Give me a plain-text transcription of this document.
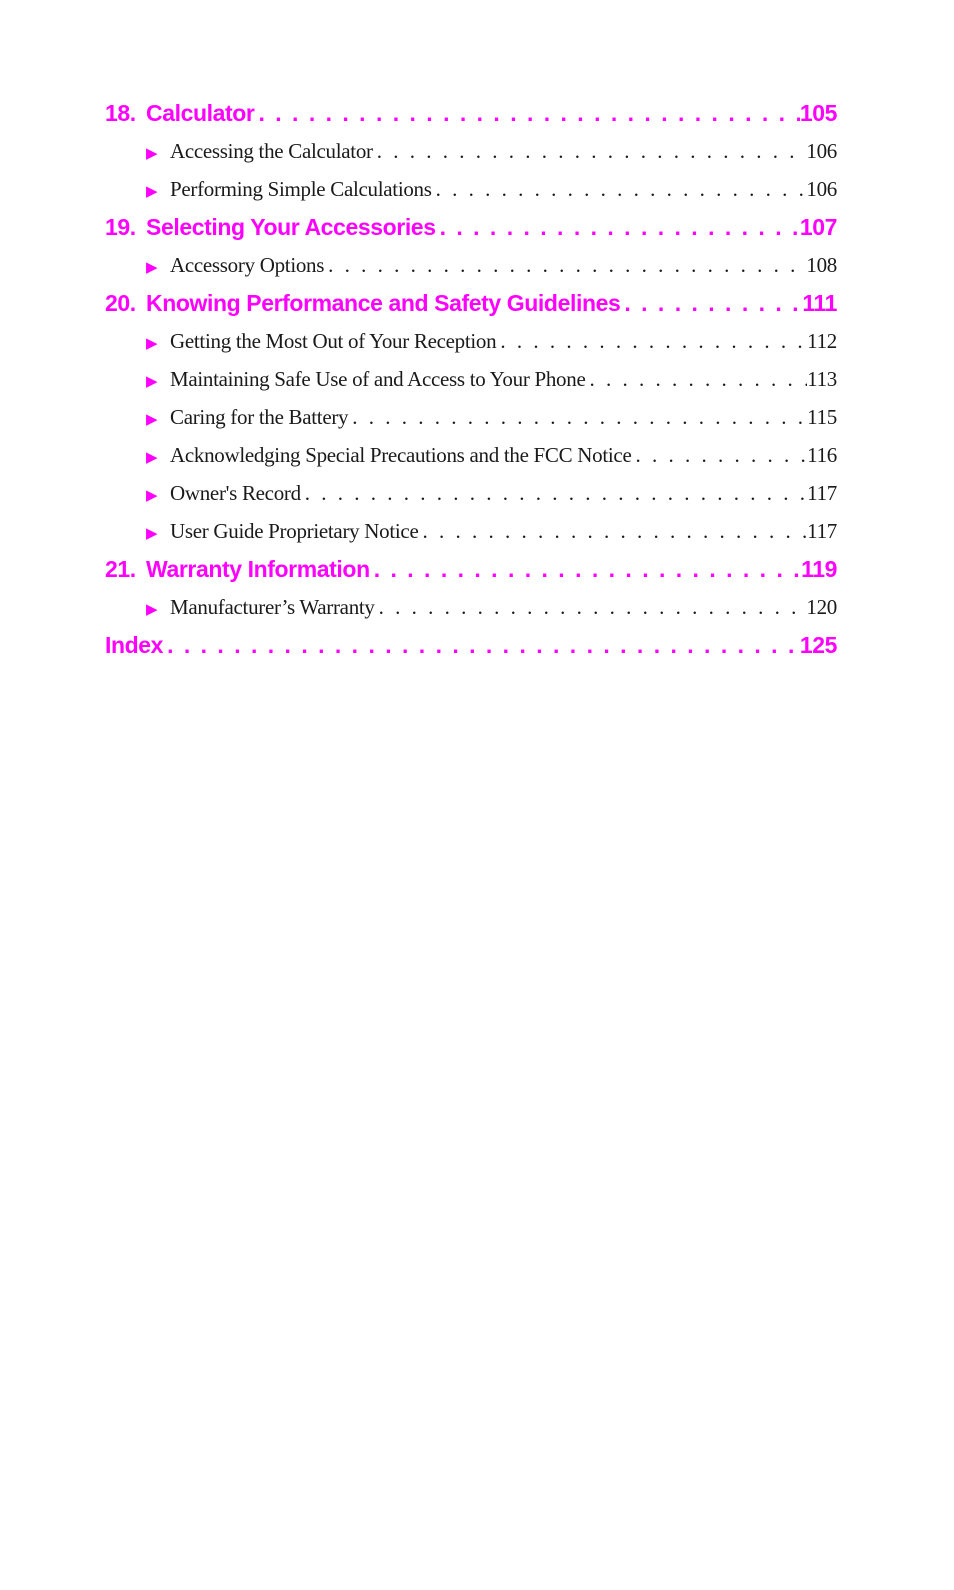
18. Calculator . . .	105
▶ Accessing the Calculator . . .	106
▶ Performing Simple Calculations . . .	106
19. Selecting Your Accessories . . .	107
▶ Accessory Options . . .	108
20. Knowing Performance and Safety Guidelines . . .	111
▶ Getting the Most Out of Your Reception . . .	112
▶ Maintaining Safe Use of and Access to Your Phone . . .	113
▶ Caring for the Battery . . .	115
▶ Acknowledging Special Precautions and the FCC Notice . . .	116
▶ Owner's Record . . .	117
▶ User Guide Proprietary Notice . . .	117
21. Warranty Information . . .	119
▶ Manufacturer’s Warranty . . .	120
Index . . .	125
